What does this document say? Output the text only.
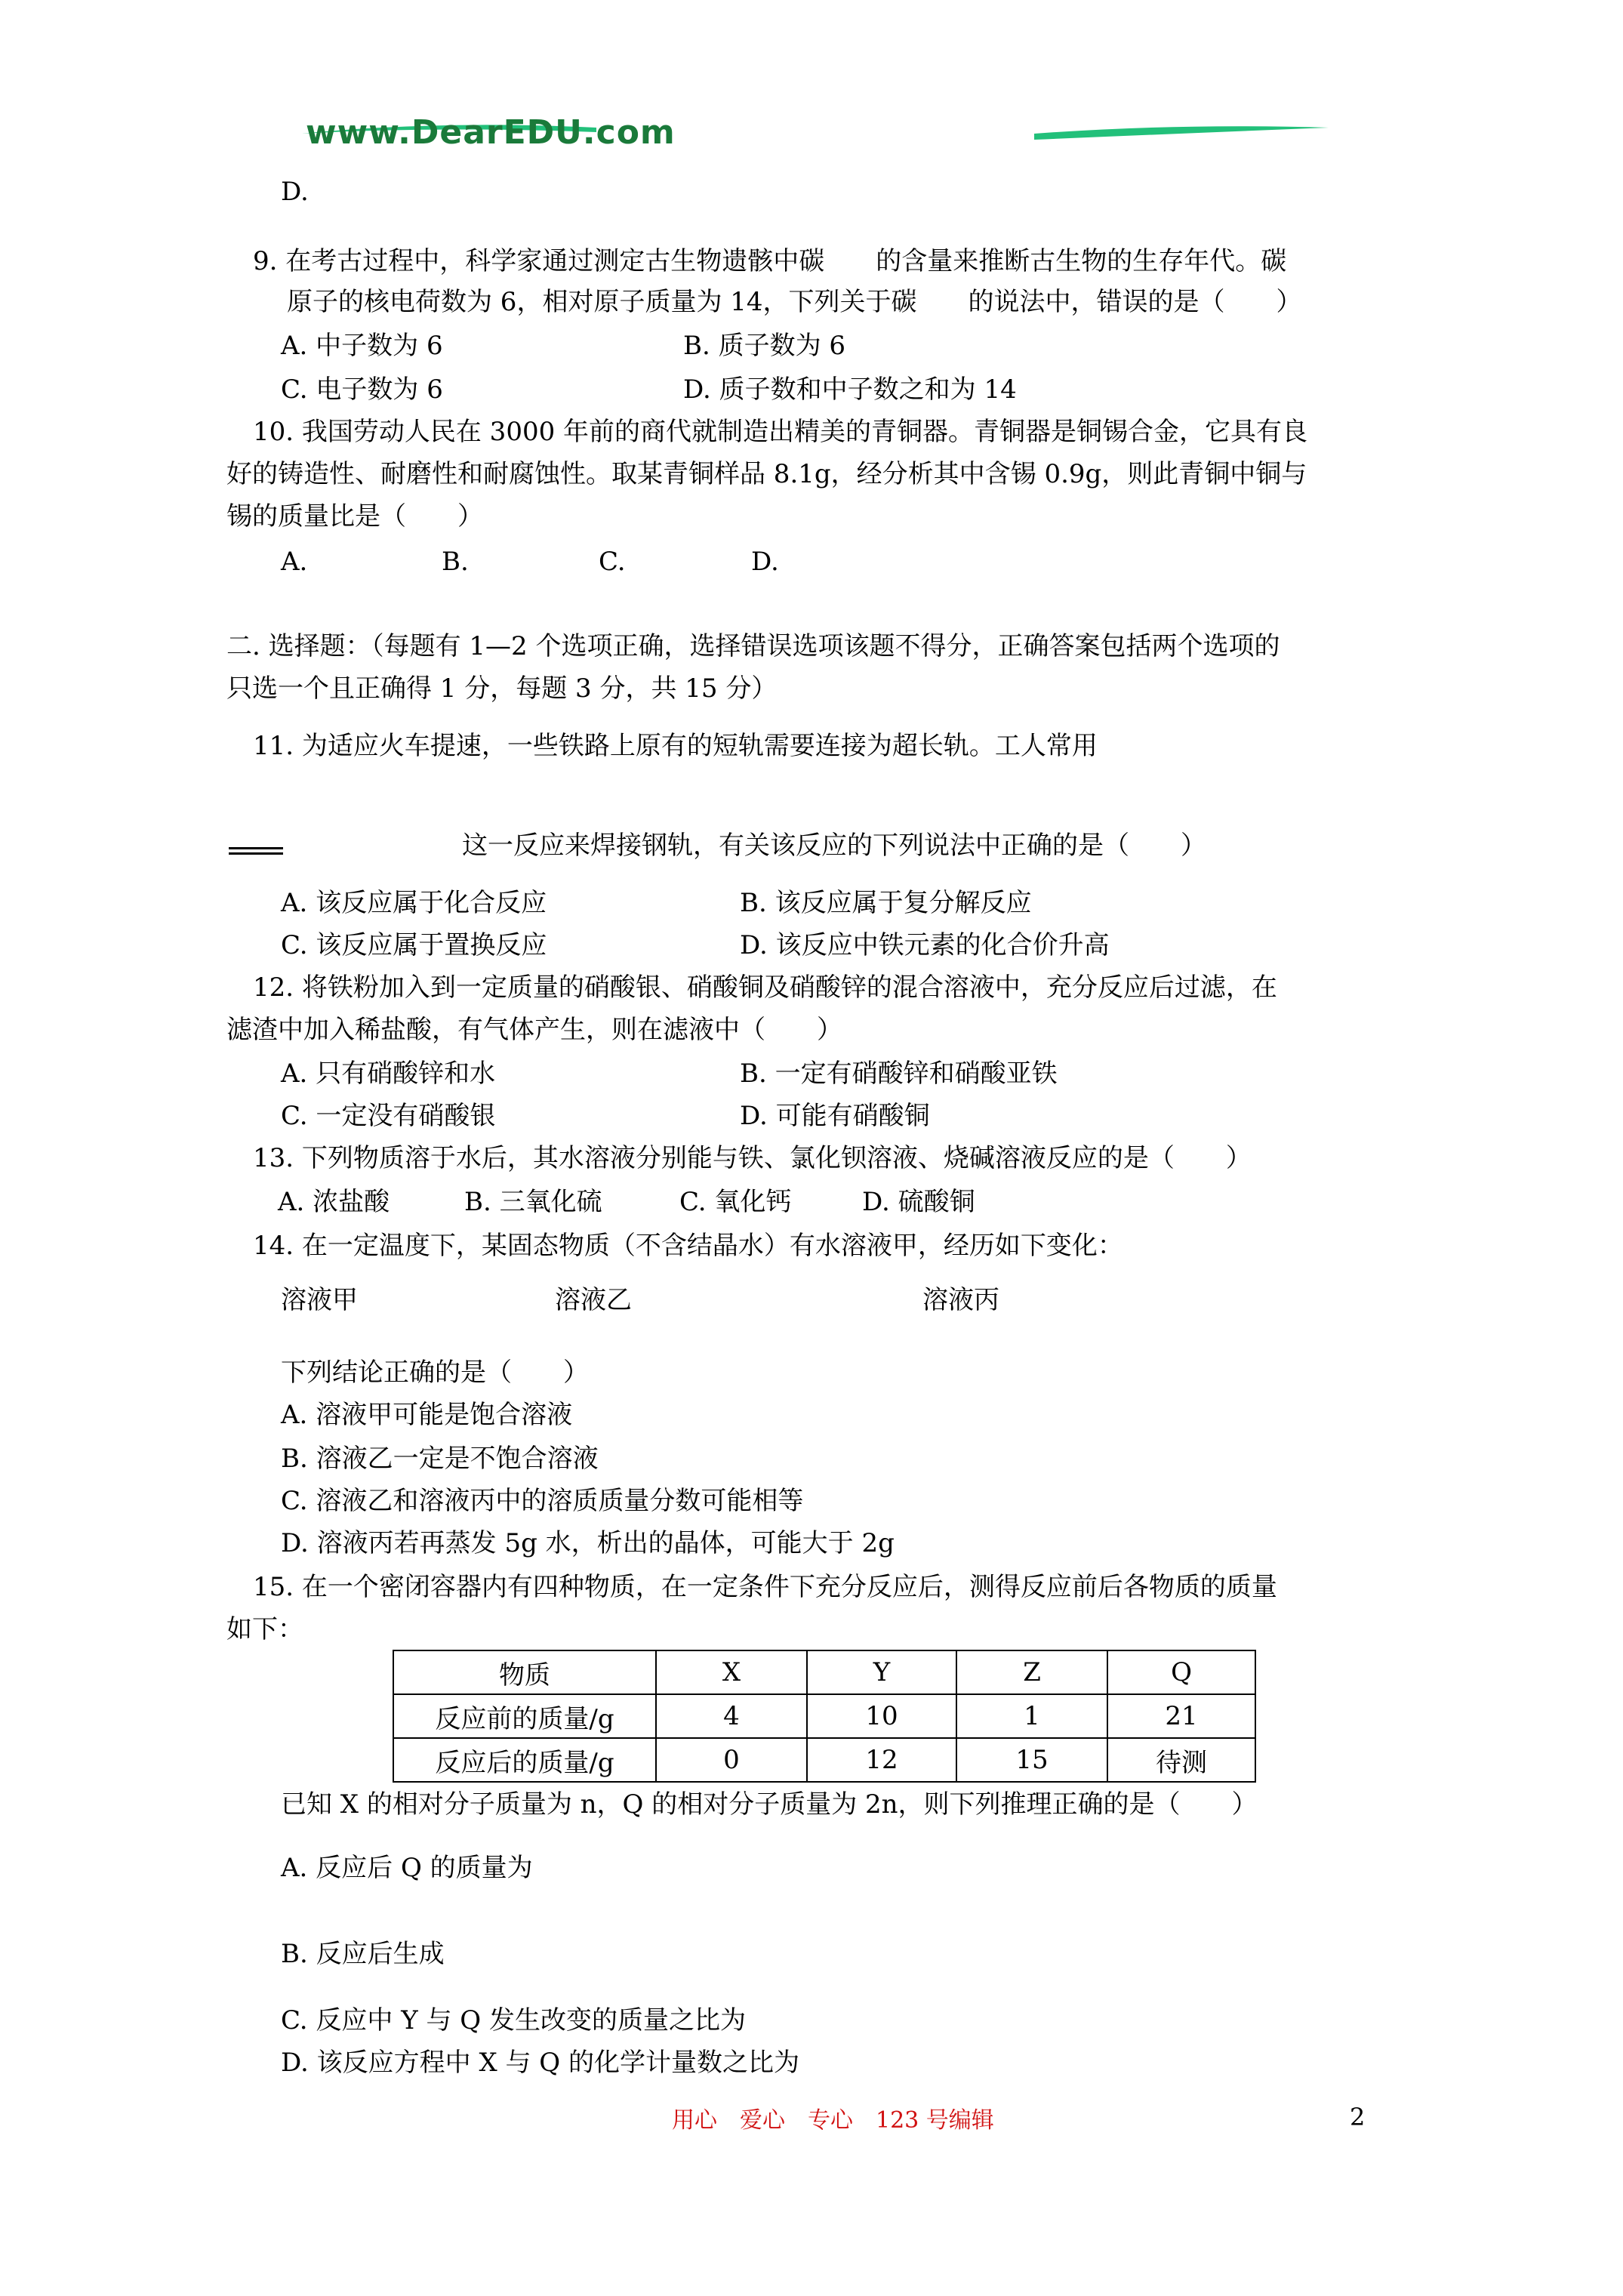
www.DearEDU.com
D.
9. 在考古过程中，科学家通过测定古生物遗骸中碳　　的含量来推断古生物的生存年代。碳
原子的核电荷数为 6，相对原子质量为 14，下列关于碳　　的说法中，错误的是（　　）
A. 中子数为 6	B. 质子数为 6
C. 电子数为 6	D. 质子数和中子数之和为 14
10. 我国劳动人民在 3000 年前的商代就制造出精美的青铜器。青铜器是铜锡合金，它具有良
好的铸造性、耐磨性和耐腐蚀性。取某青铜样品 8.1g，经分析其中含锡 0.9g，则此青铜中铜与
锡的质量比是（　　）
A.	B.	C.	D.
二. 选择题：（每题有 1—2 个选项正确，选择错误选项该题不得分，正确答案包括两个选项的
只选一个且正确得 1 分，每题 3 分，共 15 分）
11. 为适应火车提速，一些铁路上原有的短轨需要连接为超长轨。工人常用
这一反应来焊接钢轨，有关该反应的下列说法中正确的是（　　）
A. 该反应属于化合反应	B. 该反应属于复分解反应
C. 该反应属于置换反应	D. 该反应中铁元素的化合价升高
12. 将铁粉加入到一定质量的硝酸银、硝酸铜及硝酸锌的混合溶液中，充分反应后过滤，在
滤渣中加入稀盐酸，有气体产生，则在滤液中（　　）
A. 只有硝酸锌和水	B. 一定有硝酸锌和硝酸亚铁
C. 一定没有硝酸银	D. 可能有硝酸铜
13. 下列物质溶于水后，其水溶液分别能与铁、氯化钡溶液、烧碱溶液反应的是（　　）
A. 浓盐酸	B. 三氧化硫	C. 氧化钙	D. 硫酸铜
14. 在一定温度下，某固态物质（不含结晶水）有水溶液甲，经历如下变化：
溶液甲	溶液乙	溶液丙
下列结论正确的是（　　）
A. 溶液甲可能是饱合溶液
B. 溶液乙一定是不饱合溶液
C. 溶液乙和溶液丙中的溶质质量分数可能相等
D. 溶液丙若再蒸发 5g 水，析出的晶体，可能大于 2g
15. 在一个密闭容器内有四种物质，在一定条件下充分反应后，测得反应前后各物质的质量
如下：
物质	X	Y	Z	Q
反应前的质量/g	4	10	1	21
反应后的质量/g	0	12	15	待测
已知 X 的相对分子质量为 n，Q 的相对分子质量为 2n，则下列推理正确的是（　　）
A. 反应后 Q 的质量为
B. 反应后生成
C. 反应中 Y 与 Q 发生改变的质量之比为
D. 该反应方程中 X 与 Q 的化学计量数之比为
用心　爱心　专心　123 号编辑	2
